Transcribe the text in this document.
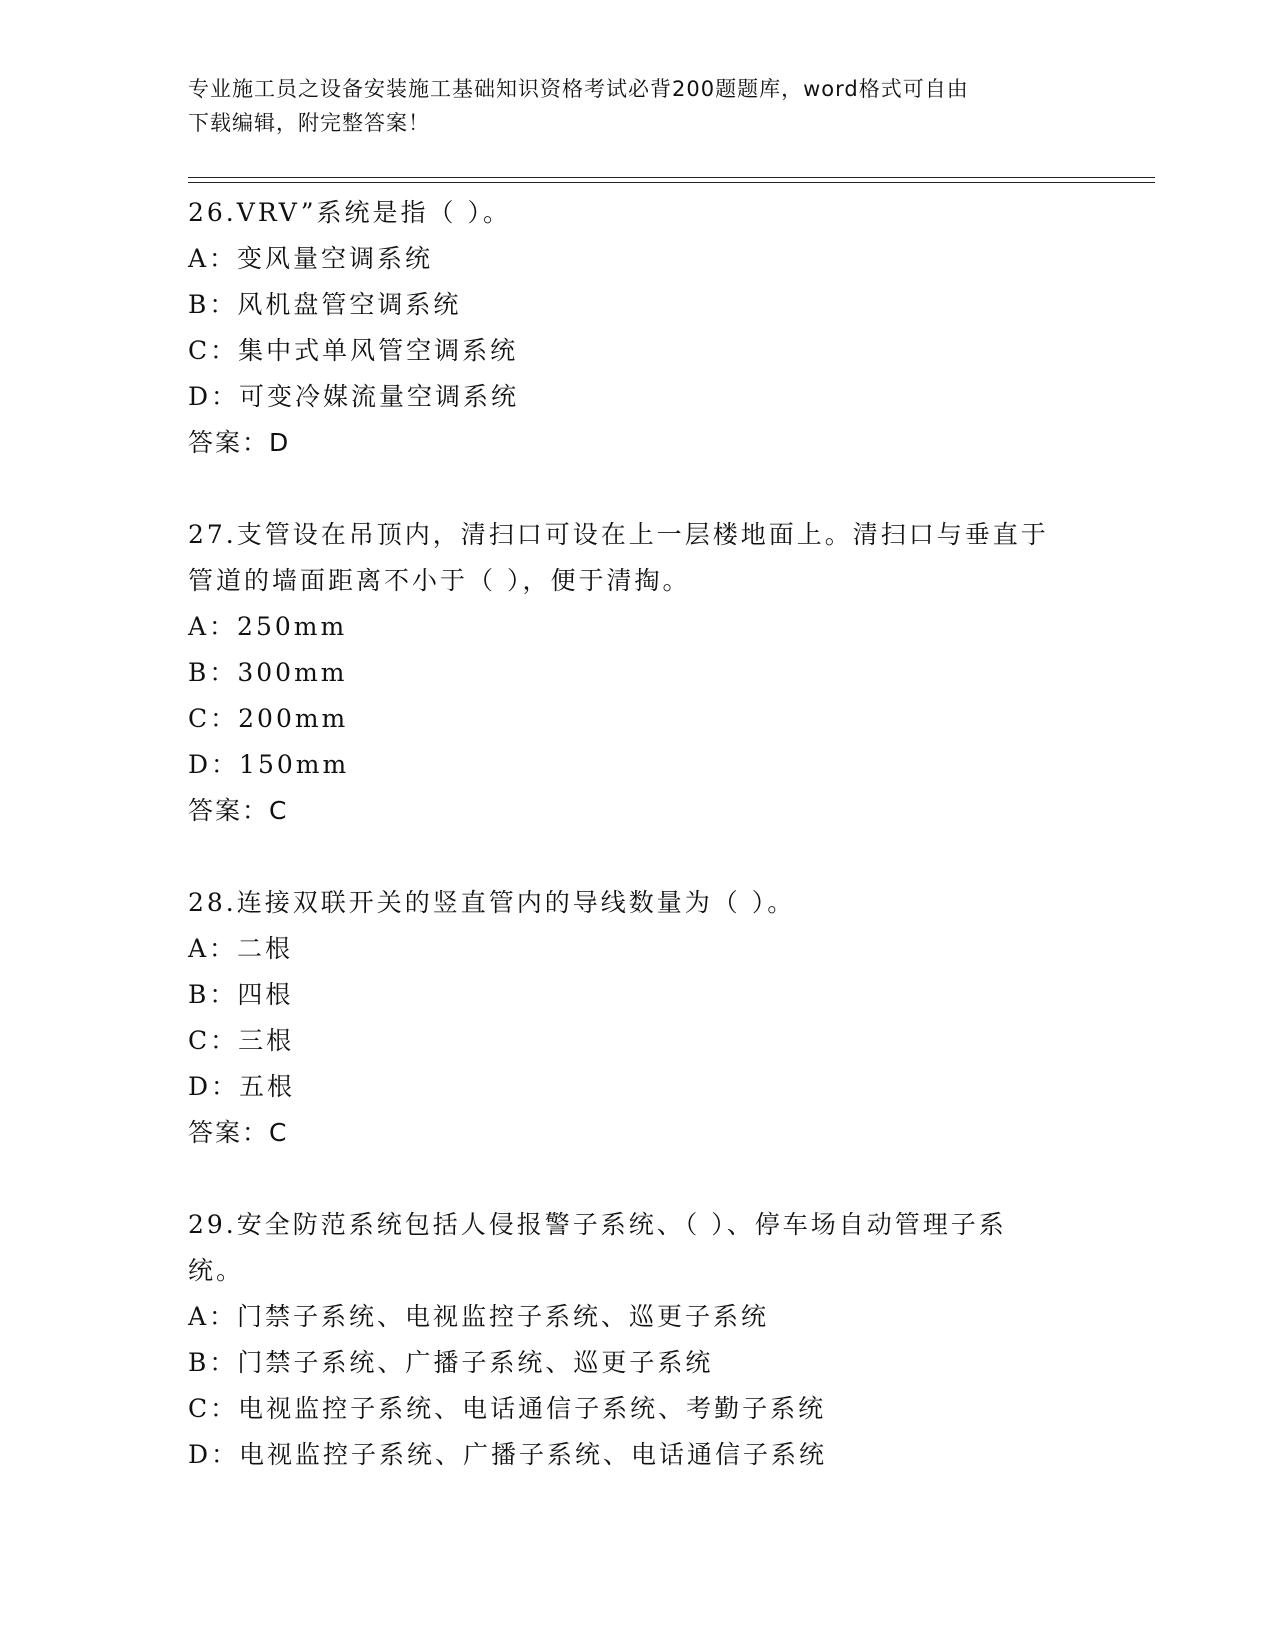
专业施工员之设备安装施工基础知识资格考试必背200题题库，word格式可自由
下载编辑，附完整答案！
26.VRV”系统是指（ ）。
A：变风量空调系统
B：风机盘管空调系统
C：集中式单风管空调系统
D：可变冷媒流量空调系统
答案：D
27.支管设在吊顶内，清扫口可设在上一层楼地面上。清扫口与垂直于
管道的墙面距离不小于（ ），便于清掏。
A：250mm
B：300mm
C：200mm
D：150mm
答案：C
28.连接双联开关的竖直管内的导线数量为（ ）。
A：二根
B：四根
C：三根
D：五根
答案：C
29.安全防范系统包括人侵报警子系统、（ ）、停车场自动管理子系
统。
A：门禁子系统、电视监控子系统、巡更子系统
B：门禁子系统、广播子系统、巡更子系统
C：电视监控子系统、电话通信子系统、考勤子系统
D：电视监控子系统、广播子系统、电话通信子系统
